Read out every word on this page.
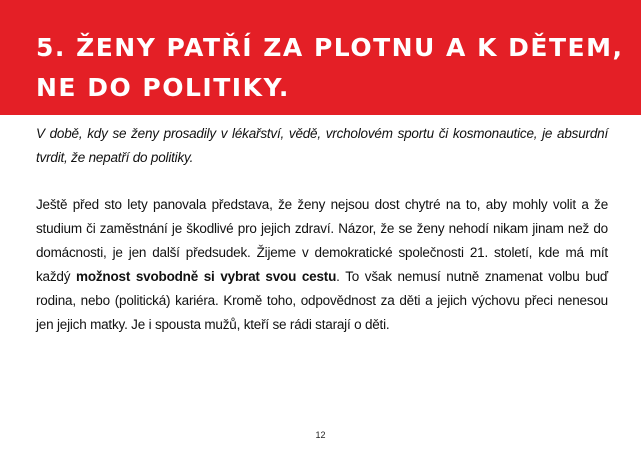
5. ŽENY PATŘÍ ZA PLOTNU A K DĚTEM, NE DO POLITIKY.

V době, kdy se ženy prosadily v lékařství, vědě, vrcholovém sportu či kosmonautice, je absurdní tvrdit, že nepatří do politiky.

Ještě před sto lety panovala představa, že ženy nejsou dost chytré na to, aby mohly volit a že studium či zaměstnání je škodlivé pro jejich zdraví. Názor, že se ženy nehodí nikam jinam než do domácnosti, je jen další předsudek. Žijeme v demokratické společnosti 21. století, kde má mít každý možnost svobodně si vybrat svou cestu. To však nemusí nutně znamenat volbu buď rodina, nebo (politická) kariéra. Kromě toho, odpovědnost za děti a jejich výchovu přeci nenesou jen jejich matky. Je i spousta mužů, kteří se rádi starají o děti.

12
